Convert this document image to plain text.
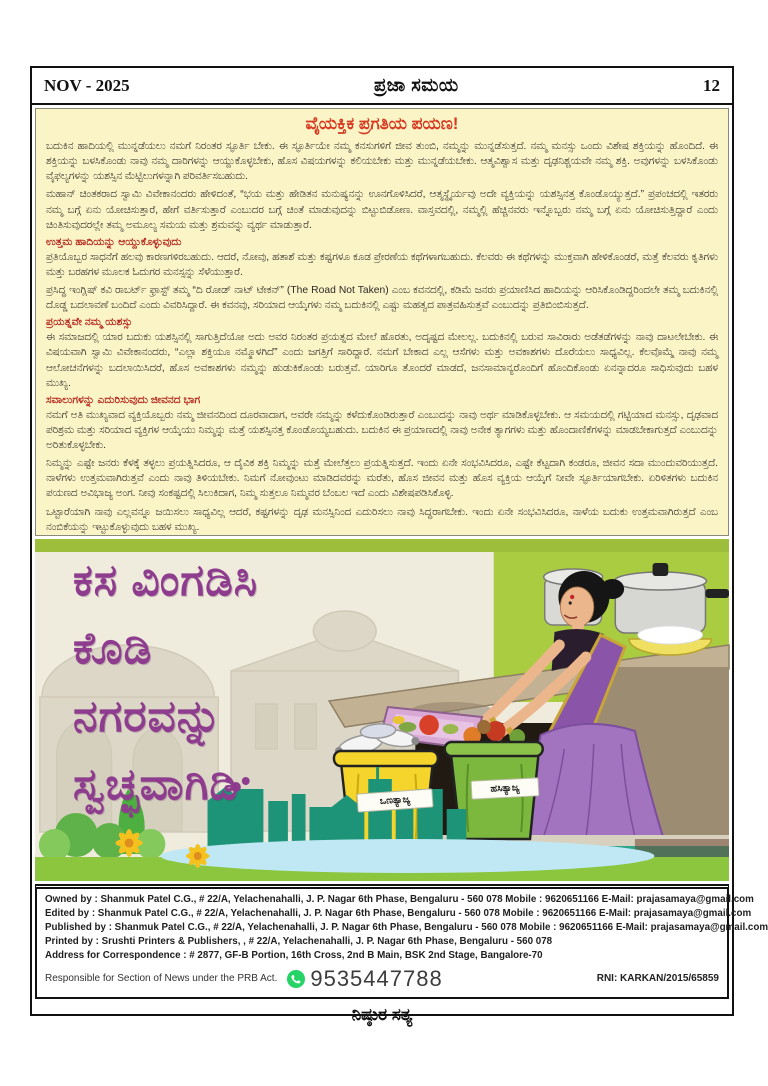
NOV - 2025	ಪ್ರಜಾ ಸಮಯ	12
ವೈಯಕ್ತಿಕ ಪ್ರಗತಿಯ ಪಯಣ!

ಬದುಕಿನ ಹಾದಿಯಲ್ಲಿ ಮುನ್ನಡೆಯಲು ನಮಗೆ ನಿರಂತರ ಸ್ಫೂರ್ತಿ ಬೇಕು. ಈ ಸ್ಫೂರ್ತಿಯೇ ನಮ್ಮ ಕನಸುಗಳಿಗೆ ಜೀವ ತುಂಬಿ, ನಮ್ಮನ್ನು ಮುನ್ನಡೆಸುತ್ತದೆ. ನಮ್ಮ ಮನಸ್ಸು ಒಂದು ವಿಶೇಷ ಶಕ್ತಿಯನ್ನು ಹೊಂದಿದೆ. ಈ ಶಕ್ತಿಯನ್ನು ಬಳಸಿಕೊಂಡು ನಾವು ನಮ್ಮ ದಾರಿಗಳನ್ನು ಆಯ್ದುಕೊಳ್ಳಬೇಕು, ಹೊಸ ವಿಷಯಗಳನ್ನು ಕಲಿಯಬೇಕು ಮತ್ತು ಮುನ್ನಡೆಯಬೇಕು. ಆತ್ಮವಿಶ್ವಾಸ ಮತ್ತು ದೃಢನಿಶ್ಚಯವೇ ನಮ್ಮ ಶಕ್ತಿ. ಅವುಗಳನ್ನು ಬಳಸಿಕೊಂಡು ವೈಫಲ್ಯಗಳನ್ನು ಯಶಸ್ಸಿನ ಮೆಟ್ಟಿಲುಗಳನ್ನಾಗಿ ಪರಿವರ್ತಿಸಬಹುದು.

ಮಹಾನ್ ಚಿಂತಕರಾದ ಸ್ವಾಮಿ ವಿವೇಕಾನಂದರು ಹೇಳಿದಂತೆ, “ಭಯ ಮತ್ತು ಹೇಡಿತನ ಮನುಷ್ಯನನ್ನು ಊನಗೊಳಿಸಿದರೆ, ಆತ್ಮಸ್ಥೈರ್ಯವು ಅದೇ ವ್ಯಕ್ತಿಯನ್ನು ಯಶಸ್ಸಿನತ್ತ ಕೊಂಡೊಯ್ಯುತ್ತದೆ.” ಪ್ರಪಂಚದಲ್ಲಿ ಇತರರು ನಮ್ಮ ಬಗ್ಗೆ ಏನು ಯೋಚಿಸುತ್ತಾರೆ, ಹೇಗೆ ವರ್ತಿಸುತ್ತಾರೆ ಎಂಬುದರ ಬಗ್ಗೆ ಚಿಂತೆ ಮಾಡುವುದನ್ನು ಬಿಟ್ಟುಬಿಡೋಣ. ವಾಸ್ತವದಲ್ಲಿ, ನಮ್ಮಲ್ಲಿ ಹೆಚ್ಚಿನವರು ಇನ್ನೊಬ್ಬರು ನಮ್ಮ ಬಗ್ಗೆ ಏನು ಯೋಚಿಸುತ್ತಿದ್ದಾರೆ ಎಂದು ಚಿಂತಿಸುವುದರಲ್ಲೇ ತಮ್ಮ ಅಮೂಲ್ಯ ಸಮಯ ಮತ್ತು ಶ್ರಮವನ್ನು ವ್ಯರ್ಥ ಮಾಡುತ್ತಾರೆ.

ಉತ್ತಮ ಹಾದಿಯನ್ನು ಆಯ್ದುಕೊಳ್ಳುವುದು

ಪ್ರತಿಯೊಬ್ಬರ ಸಾಧನೆಗೆ ಹಲವು ಕಾರಣಗಳಿರಬಹುದು. ಆದರೆ, ನೋವು, ಹತಾಶೆ ಮತ್ತು ಕಷ್ಟಗಳೂ ಕೂಡ ಪ್ರೇರಣೆಯ ಕಥೆಗಳಾಗಬಹುದು. ಕೆಲವರು ಈ ಕಥೆಗಳನ್ನು ಮುಕ್ತವಾಗಿ ಹೇಳಿಕೊಂಡರೆ, ಮತ್ತೆ ಕೆಲವರು ಕೃತಿಗಳು ಮತ್ತು ಬರಹಗಳ ಮೂಲಕ ಓದುಗರ ಮನಸ್ಸನ್ನು ಸೆಳೆಯುತ್ತಾರೆ.

ಪ್ರಸಿದ್ಧ ಇಂಗ್ಲಿಷ್ ಕವಿ ರಾಬರ್ಟ್ ಫ್ರಾಸ್ಟ್ ತಮ್ಮ “ದಿ ರೋಡ್ ನಾಟ್ ಟೇಕನ್” (The Road Not Taken) ಎಂಬ ಕವನದಲ್ಲಿ, ಕಡಿಮೆ ಜನರು ಪ್ರಯಾಣಿಸಿದ ಹಾದಿಯನ್ನು ಆರಿಸಿಕೊಂಡಿದ್ದರಿಂದಲೇ ತಮ್ಮ ಬದುಕಿನಲ್ಲಿ ದೊಡ್ಡ ಬದಲಾವಣೆ ಬಂದಿದೆ ಎಂದು ವಿವರಿಸಿದ್ದಾರೆ. ಈ ಕವನವು, ಸರಿಯಾದ ಆಯ್ಕೆಗಳು ನಮ್ಮ ಬದುಕಿನಲ್ಲಿ ಎಷ್ಟು ಮಹತ್ವದ ಪಾತ್ರವಹಿಸುತ್ತವೆ ಎಂಬುದನ್ನು ಪ್ರತಿಬಿಂಬಿಸುತ್ತದೆ.

ಪ್ರಯತ್ನವೇ ನಮ್ಮ ಯಶಸ್ಸು

ಈ ಸಮಾಜದಲ್ಲಿ ಯಾರ ಬದುಕು ಯಶಸ್ಸಿನಲ್ಲಿ ಸಾಗುತ್ತಿದೆಯೋ ಅದು ಅವರ ನಿರಂತರ ಪ್ರಯತ್ನದ ಮೇಲೆ ಹೊರತು, ಅದೃಷ್ಟದ ಮೇಲಲ್ಲ. ಬದುಕಿನಲ್ಲಿ ಬರುವ ಸಾವಿರಾರು ಅಡೆತಡೆಗಳನ್ನು ನಾವು ದಾಟಲೇಬೇಕು. ಈ ವಿಷಯವಾಗಿ ಸ್ವಾಮಿ ವಿವೇಕಾನಂದರು, “ಎಲ್ಲಾ ಶಕ್ತಿಯೂ ನಮ್ಮೊಳಗಿದೆ” ಎಂದು ಜಗತ್ತಿಗೆ ಸಾರಿದ್ದಾರೆ. ನಮಗೆ ಬೇಕಾದ ಎಲ್ಲ ಆಸೆಗಳು ಮತ್ತು ಅವಕಾಶಗಳು ದೊರೆಯಲು ಸಾಧ್ಯವಿಲ್ಲ. ಕೆಲವೊಮ್ಮೆ ನಾವು ನಮ್ಮ ಆಲೋಚನೆಗಳನ್ನು ಬದಲಾಯಿಸಿದರೆ, ಹೊಸ ಅವಕಾಶಗಳು ನಮ್ಮನ್ನು ಹುಡುಕಿಕೊಂಡು ಬರುತ್ತವೆ. ಯಾರಿಗೂ ತೊಂದರೆ ಮಾಡದೆ, ಜನಸಾಮಾನ್ಯರೊಂದಿಗೆ ಹೊಂದಿಕೊಂಡು ಏನನ್ನಾದರೂ ಸಾಧಿಸುವುದು ಬಹಳ ಮುಖ್ಯ.

ಸವಾಲುಗಳನ್ನು ಎದುರಿಸುವುದು ಜೀವನದ ಭಾಗ

ನಮಗೆ ಅತಿ ಮುಖ್ಯವಾದ ವ್ಯಕ್ತಿಯೊಬ್ಬರು ನಮ್ಮ ಜೀವನದಿಂದ ದೂರವಾದಾಗ, ಅವರೇ ನಮ್ಮನ್ನು ಕಳೆದುಕೊಂಡಿರುತ್ತಾರೆ ಎಂಬುದನ್ನು ನಾವು ಅರ್ಥ ಮಾಡಿಕೊಳ್ಳಬೇಕು. ಆ ಸಮಯದಲ್ಲಿ ಗಟ್ಟಿಯಾದ ಮನಸ್ಸು, ದೃಢವಾದ ಪರಿಶ್ರಮ ಮತ್ತು ಸರಿಯಾದ ವ್ಯಕ್ತಿಗಳ ಆಯ್ಕೆಯು ನಿಮ್ಮನ್ನು ಮತ್ತೆ ಯಶಸ್ಸಿನತ್ತ ಕೊಂಡೊಯ್ಯಬಹುದು. ಬದುಕಿನ ಈ ಪ್ರಯಾಣದಲ್ಲಿ ನಾವು ಅನೇಕ ತ್ಯಾಗಗಳು ಮತ್ತು ಹೊಂದಾಣಿಕೆಗಳನ್ನು ಮಾಡಬೇಕಾಗುತ್ತದೆ ಎಂಬುದನ್ನು ಅರಿತುಕೊಳ್ಳಬೇಕು.

ನಿಮ್ಮನ್ನು ಎಷ್ಟೇ ಜನರು ಕೆಳಕ್ಕೆ ತಳ್ಳಲು ಪ್ರಯತ್ನಿಸಿದರೂ, ಆ ದೈವಿಕ ಶಕ್ತಿ ನಿಮ್ಮನ್ನು ಮತ್ತೆ ಮೇಲೆತ್ತಲು ಪ್ರಯತ್ನಿಸುತ್ತದೆ. ಇಂದು ಏನೇ ಸಂಭವಿಸಿದರೂ, ಎಷ್ಟೇ ಕೆಟ್ಟದಾಗಿ ಕಂಡರೂ, ಜೀವನ ಸದಾ ಮುಂದುವರಿಯುತ್ತದೆ. ನಾಳೆಗಳು ಉತ್ತಮವಾಗಿರುತ್ತವೆ ಎಂದು ನಾವು ತಿಳಿಯಬೇಕು. ನಿಮಗೆ ನೋವುಂಟು ಮಾಡಿದವರನ್ನು ಮರೆತು, ಹೊಸ ಜೀವನ ಮತ್ತು ಹೊಸ ವ್ಯಕ್ತಿಯ ಆಯ್ಕೆಗೆ ನೀವೇ ಸ್ಫೂರ್ತಿಯಾಗಬೇಕು. ಏರಿಳಿತಗಳು ಬದುಕಿನ ಪಯಣದ ಅವಿಭಾಜ್ಯ ಅಂಗ. ನೀವು ಸಂಕಷ್ಟದಲ್ಲಿ ಸಿಲುಕಿದಾಗ, ನಿಮ್ಮ ಸುತ್ತಲೂ ನಿಮ್ಮವರ ಬೆಂಬಲ ಇದೆ ಎಂದು ವಿಶೇಷಪಡಿಸಿಕೊಳ್ಳಿ.

ಒಟ್ಟಾರೆಯಾಗಿ ನಾವು ಎಲ್ಲವನ್ನೂ ಜಯಿಸಲು ಸಾಧ್ಯವಿಲ್ಲ ಆದರೆ, ಕಷ್ಟಗಳನ್ನು ದೃಢ ಮನಸ್ಸಿನಿಂದ ಎದುರಿಸಲು ನಾವು ಸಿದ್ಧರಾಗಬೇಕು. ಇಂದು ಏನೇ ಸಂಭವಿಸಿದರೂ, ನಾಳೆಯ ಬದುಕು ಉತ್ತಮವಾಗಿರುತ್ತದೆ ಎಂಬ ನಂಬಿಕೆಯನ್ನು ಇಟ್ಟುಕೊಳ್ಳುವುದು ಬಹಳ ಮುಖ್ಯ.

ಕಸ ವಿಂಗಡಿಸಿ
ಕೊಡಿ
ನಗರವನ್ನು
ಸ್ವಚ್ಛವಾಗಿಡಿ	ಒಣತ್ಯಾಜ್ಯ
ಹಸಿತ್ಯಾಜ್ಯ
Owned by : Shanmuk Patel C.G., # 22/A, Yelachenahalli, J. P. Nagar 6th Phase, Bengaluru - 560 078 Mobile : 9620651166 E-Mail: prajasamaya@gmail.com
Edited by : Shanmuk Patel C.G., # 22/A, Yelachenahalli, J. P. Nagar 6th Phase, Bengaluru - 560 078 Mobile : 9620651166 E-Mail: prajasamaya@gmail.com
Published by : Shanmuk Patel C.G., # 22/A, Yelachenahalli, J. P. Nagar 6th Phase, Bengaluru - 560 078 Mobile : 9620651166 E-Mail: prajasamaya@gmail.com
Printed by : Srushti Printers & Publishers, , # 22/A, Yelachenahalli, J. P. Nagar 6th Phase, Bengaluru - 560 078
Address for Correspondence : # 2877, GF-B Portion, 16th Cross, 2nd B Main, BSK 2nd Stage, Bangalore-70
Responsible for Section of News under the PRB Act. 9535447788	RNI: KARKAN/2015/65859
ನಿಷ್ಠುರ ಸತ್ಯ
